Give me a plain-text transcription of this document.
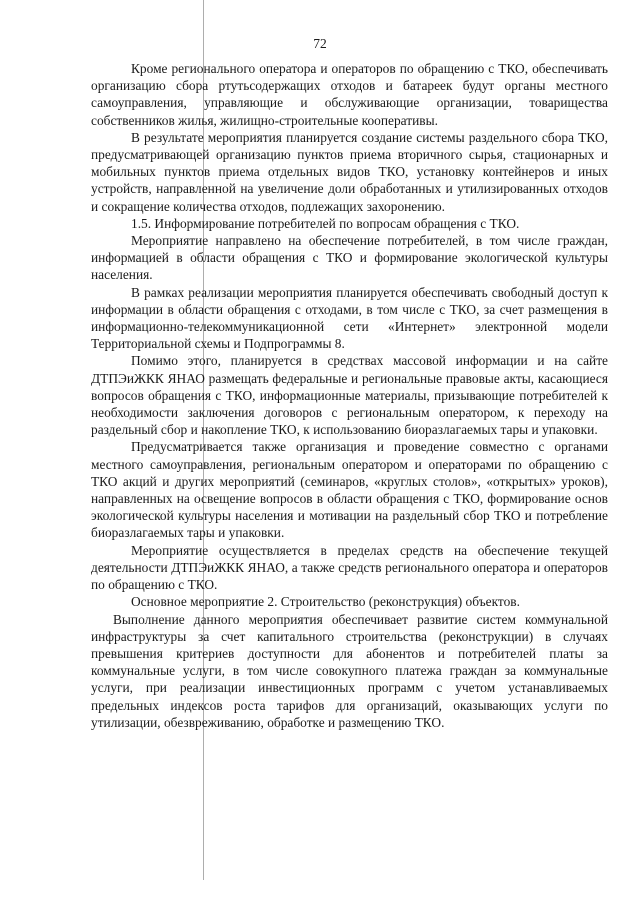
72

Кроме регионального оператора и операторов по обращению с ТКО, обеспечивать организацию сбора ртутьсодержащих отходов и батареек будут органы местного самоуправления, управляющие и обслуживающие организации, товарищества собственников жилья, жилищно-строительные кооперативы.

В результате мероприятия планируется создание системы раздельного сбора ТКО, предусматривающей организацию пунктов приема вторичного сырья, стационарных и мобильных пунктов приема отдельных видов ТКО, установку контейнеров и иных устройств, направленной на увеличение доли обработанных и утилизированных отходов и сокращение количества отходов, подлежащих захоронению.

1.5. Информирование потребителей по вопросам обращения с ТКО.

Мероприятие направлено на обеспечение потребителей, в том числе граждан, информацией в области обращения с ТКО и формирование экологической культуры населения.

В рамках реализации мероприятия планируется обеспечивать свободный доступ к информации в области обращения с отходами, в том числе с ТКО, за счет размещения в информационно-телекоммуникационной сети «Интернет» электронной модели Территориальной схемы и Подпрограммы 8.

Помимо этого, планируется в средствах массовой информации и на сайте ДТПЭиЖКК ЯНАО размещать федеральные и региональные правовые акты, касающиеся вопросов обращения с ТКО, информационные материалы, призывающие потребителей к необходимости заключения договоров с региональным оператором, к переходу на раздельный сбор и накопление ТКО, к использованию биоразлагаемых тары и упаковки.

Предусматривается также организация и проведение совместно с органами местного самоуправления, региональным оператором и операторами по обращению с ТКО акций и других мероприятий (семинаров, «круглых столов», «открытых» уроков), направленных на освещение вопросов в области обращения с ТКО, формирование основ экологической культуры населения и мотивации на раздельный сбор ТКО и потребление биоразлагаемых тары и упаковки.

Мероприятие осуществляется в пределах средств на обеспечение текущей деятельности ДТПЭиЖКК ЯНАО, а также средств регионального оператора и операторов по обращению с ТКО.

Основное мероприятие 2. Строительство (реконструкция) объектов.

Выполнение данного мероприятия обеспечивает развитие систем коммунальной инфраструктуры за счет капитального строительства (реконструкции) в случаях превышения критериев доступности для абонентов и потребителей платы за коммунальные услуги, в том числе совокупного платежа граждан за коммунальные услуги, при реализации инвестиционных программ с учетом устанавливаемых предельных индексов роста тарифов для организаций, оказывающих услуги по утилизации, обезвреживанию, обработке и размещению ТКО.
